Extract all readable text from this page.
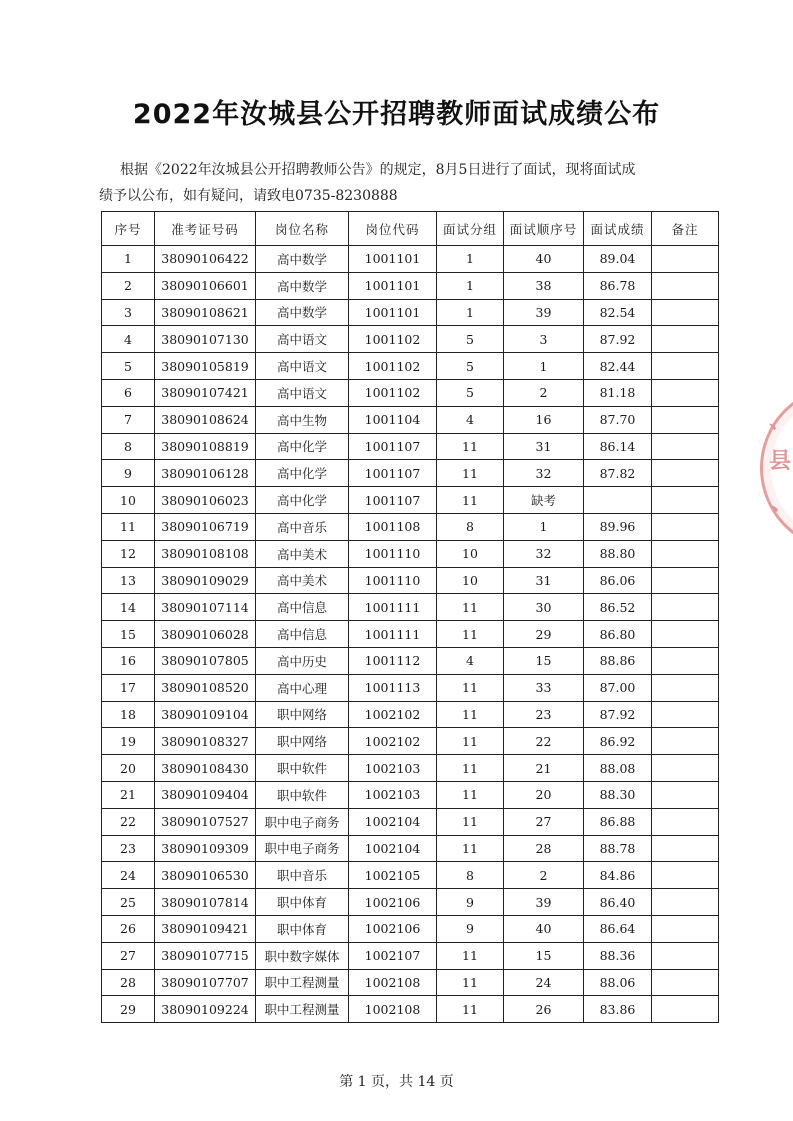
2022年汝城县公开招聘教师面试成绩公布
根据《2022年汝城县公开招聘教师公告》的规定，8月5日进行了面试，现将面试成
绩予以公布，如有疑问，请致电0735-8230888
序号	准考证号码	岗位名称	岗位代码	面试分组	面试顺序号	面试成绩	备注
1	38090106422	高中数学	1001101	1	40	89.04	
2	38090106601	高中数学	1001101	1	38	86.78	
3	38090108621	高中数学	1001101	1	39	82.54	
4	38090107130	高中语文	1001102	5	3	87.92	
5	38090105819	高中语文	1001102	5	1	82.44	
6	38090107421	高中语文	1001102	5	2	81.18	
7	38090108624	高中生物	1001104	4	16	87.70	
8	38090108819	高中化学	1001107	11	31	86.14	
9	38090106128	高中化学	1001107	11	32	87.82	
10	38090106023	高中化学	1001107	11	缺考		
11	38090106719	高中音乐	1001108	8	1	89.96	
12	38090108108	高中美术	1001110	10	32	88.80	
13	38090109029	高中美术	1001110	10	31	86.06	
14	38090107114	高中信息	1001111	11	30	86.52	
15	38090106028	高中信息	1001111	11	29	86.80	
16	38090107805	高中历史	1001112	4	15	88.86	
17	38090108520	高中心理	1001113	11	33	87.00	
18	38090109104	职中网络	1002102	11	23	87.92	
19	38090108327	职中网络	1002102	11	22	86.92	
20	38090108430	职中软件	1002103	11	21	88.08	
21	38090109404	职中软件	1002103	11	20	88.30	
22	38090107527	职中电子商务	1002104	11	27	86.88	
23	38090109309	职中电子商务	1002104	11	28	88.78	
24	38090106530	职中音乐	1002105	8	2	84.86	
25	38090107814	职中体育	1002106	9	39	86.40	
26	38090109421	职中体育	1002106	9	40	86.64	
27	38090107715	职中数字媒体	1002107	11	15	88.36	
28	38090107707	职中工程测量	1002108	11	24	88.06	
29	38090109224	职中工程测量	1002108	11	26	83.86	
、
县
、
第 1 页，共 14 页
